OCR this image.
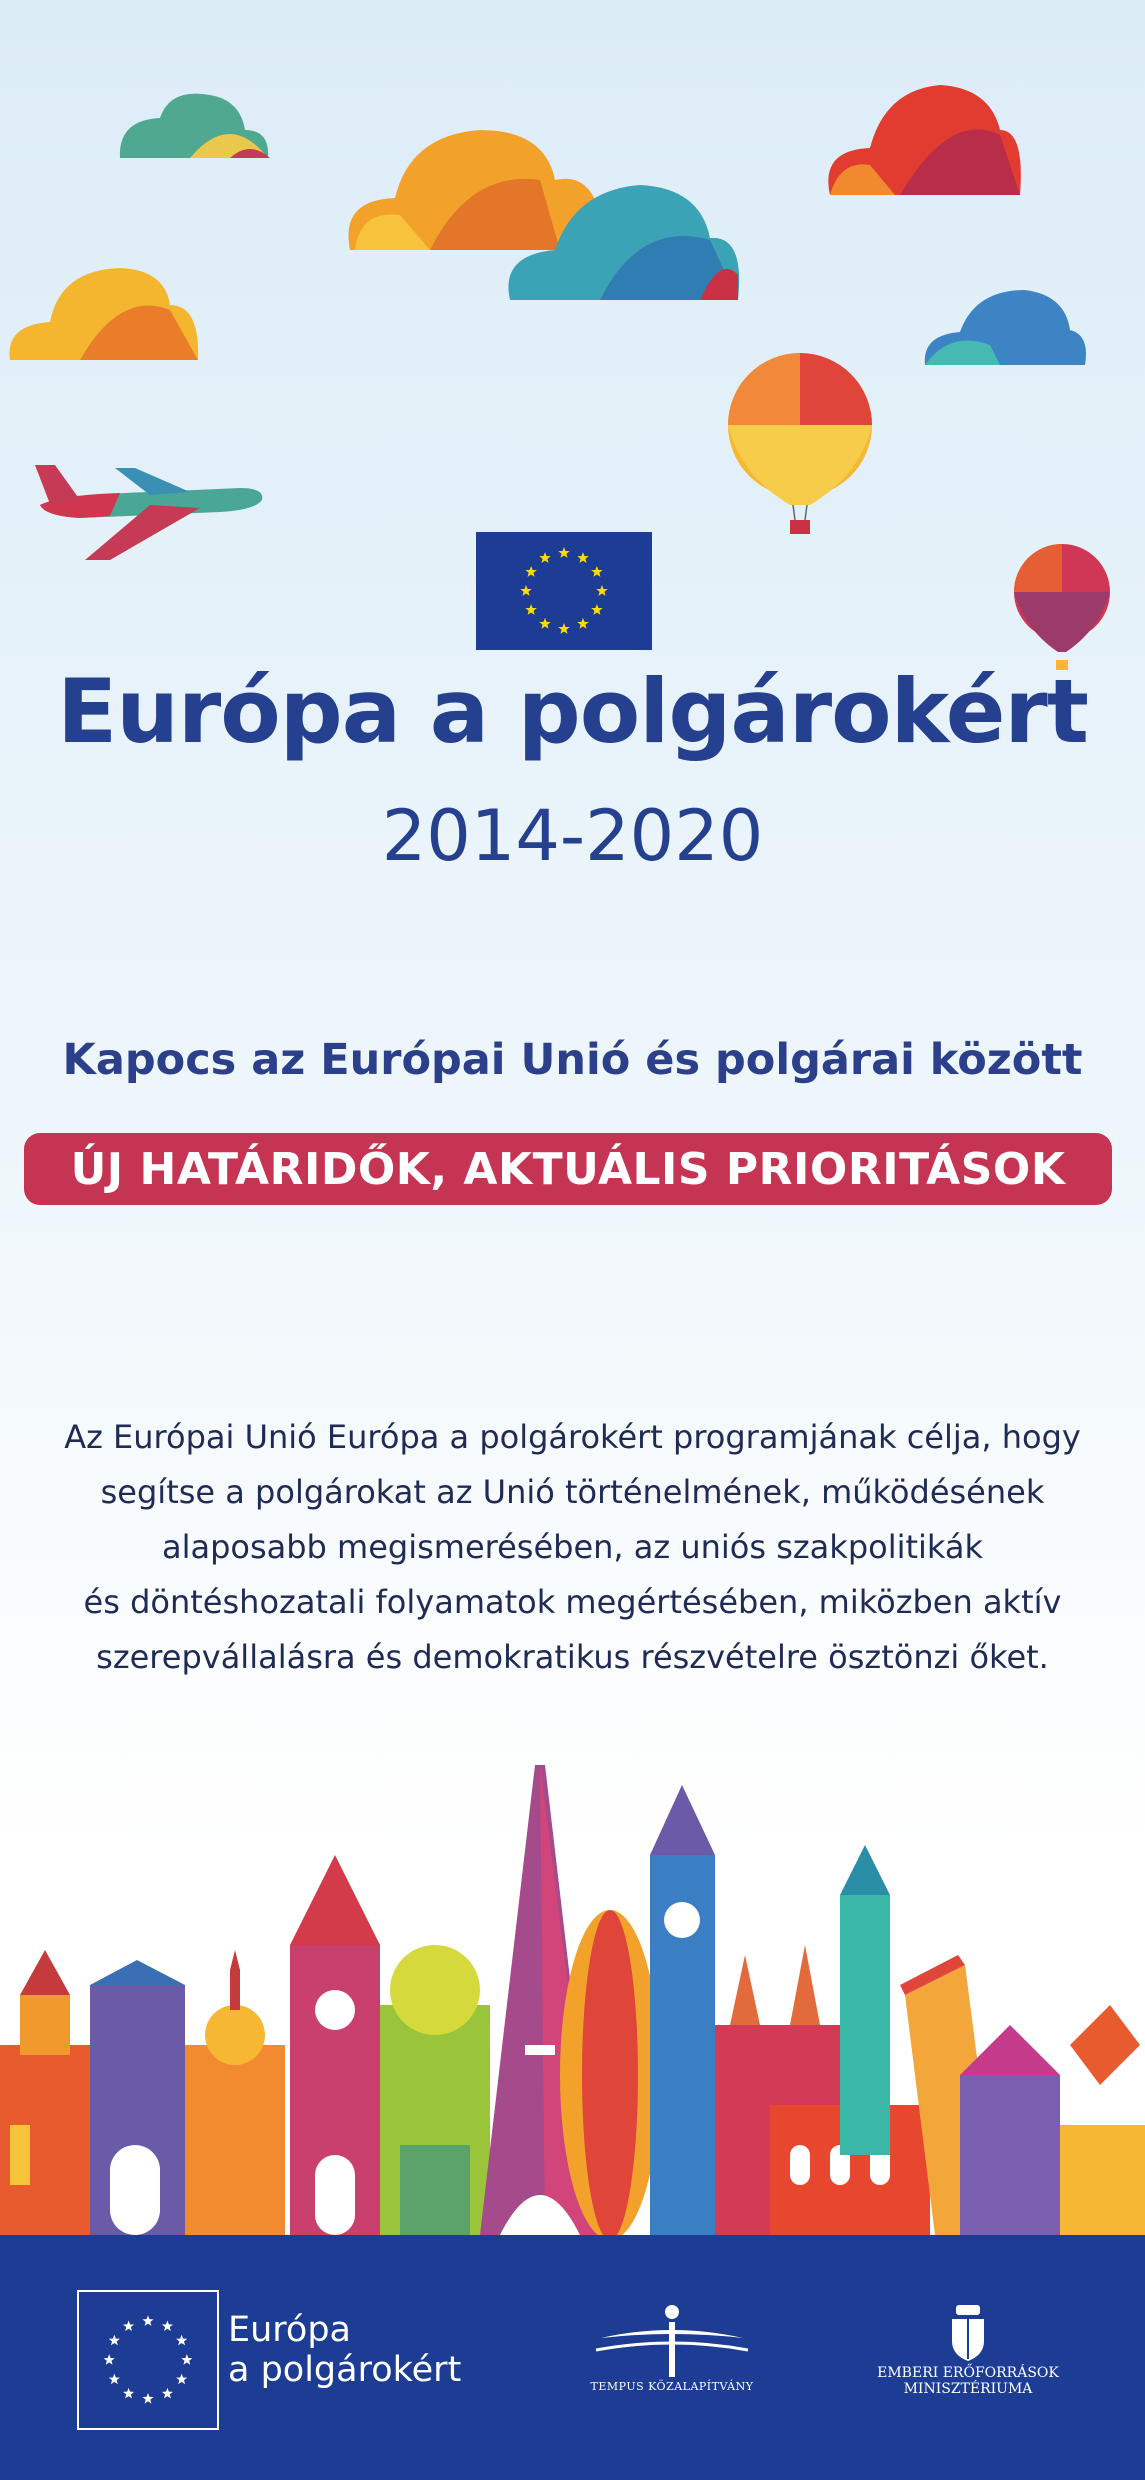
Európa a polgárokért
2014-2020
Kapocs az Európai Unió és polgárai között
ÚJ HATÁRIDŐK, AKTUÁLIS PRIORITÁSOK
Az Európai Unió Európa a polgárokért programjának célja, hogy
segítse a polgárokat az Unió történelmének, működésének
alaposabb megismerésében, az uniós szakpolitikák
és döntéshozatali folyamatok megértésében, miközben aktív
szerepvállalásra és demokratikus részvételre ösztönzi őket.
Európa
a polgárokért	TEMPUS KÖZALAPÍTVÁNY
EMBERI ERŐFORRÁSOK
MINISZTÉRIUMA
